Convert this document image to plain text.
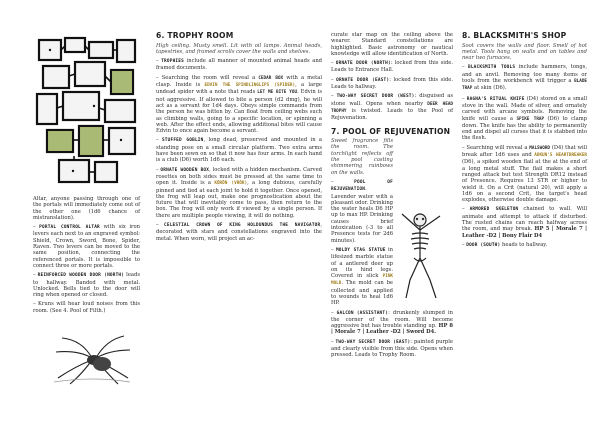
Altar, anyone passing through one of the portals will immediately come out of the other one (1d6 chance of mistranslation).

– PORTAL CONTROL ALTAR with six iron levers each next to an engraved symbol: Shield, Crown, Sword, Bone, Spider, Raven. Two levers can be moved to the same position, connecting the referenced portals. It is impossible to connect three or more portals.

– REINFORCED WOODEN DOOR (NORTH) leads to hallway. Banded with metal. Unlocked. Bells tied to the door will ring when opened or closed.

– Kruns will hear loud noises from this room. (See 4. Pool of Filth.)

6. TROPHY ROOM

High ceiling. Musty smell. Lit with oil lamps. Animal heads, tapestries, and framed scrolls cover the walls and shelves.

– TROPHIES include all manner of mounted animal heads and framed documents.

– Searching the room will reveal a CEDAR BOX with a metal clasp. Inside is EDVIN THE SPINDLINGLIPS (SPIDER), a large undead spider with a note that reads LET ME BITE YOU. Edvin is not aggressive. If allowed to bite a person (d2 dmg), he will act as a servant for 1d4 days. Obeys simple commands from the person he was bitten by. Can float from ceiling webs such as climbing walls, going to a specific location, or spinning a web. After the effect ends, allowing additional bites will cause Edvin to once again become a servant.

– STUFFED GOBLIN, long dead, preserved and mounted in a standing pose on a small circular platform. Two extra arms have been sewn on so that it now has four arms. In each hand is a club (D6) worth 1d6 each.

– ORNATE WOODEN BOX, locked with a hidden mechanism. Carved rosettes on both sides must be pressed at the same time to open it. Inside is a KÖRÖN (VRÖK), a long dubious, carefully pinned and tied at each joint to hold it together. Once opened, the frog will leap out, make one prognostication about the future that will inevitably come to pass, then return to the box. The frog will only work if viewed by a single person. If there are multiple people viewing, it will do nothing.

– CELESTIAL CROWN OF KING HOLDUNDUS THE NAVIGATOR, decorated with stars and constellations engraved into the metal. When worn, will project an ac-

curate star map on the ceiling above the wearer. Standard constellations are highlighted. Basic astronomy or nautical knowledge will allow identification of North.

– ORNATE DOOR (NORTH): locked from this side. Leads to Entrance Hall.

– ORNATE DOOR (EAST): locked from this side. Leads to hallway.

– TWO-WAY SECRET DOOR (WEST): disguised as stone wall. Opens when nearby DEER HEAD TROPHY is twisted. Leads to the Pool of Rejuvenation.

7. POOL OF REJUVENATION

Sweet fragrance fills the room. The torchlight reflects off the pool casting shimmering rainbows on the walls.

– POOL OF REJUVENATION. Lavender water with a pleasant odor. Drinking the water heals D6 HP up to max HP. Drinking causes brief intoxication (-3 to all Presence tests for 2d6 minutes).

– MOLDY STAG STATUE in lifesized marble statue of a antlered deer up on its hind legs. Covered in slick PINK MOLD. The mold can be collected and applied to wounds to heal 1d6 HP.

– GALCON (ASSISTANT): drunkenly slumped in the corner of the room. Will become aggressive but has trouble standing up. HP 8 | Morale 7 | Leather -D2 | Sword D4.

– TWO-WAY SECRET DOOR (EAST): painted purple and clearly visible from this side. Opens when pressed. Leads to Trophy Room.

8. BLACKSMITH'S SHOP

Soot covers the walls and floor. Smell of hot metal. Tools hang on walls and on tables and near two furnaces.

– BLACKSMITH TOOLS include hammers, tongs, and an anvil. Removing too many items or tools from the workbench will trigger a BLADE TRAP at skin (D6).

– RAGNA'S RITUAL KNIFE (D4) stored on a small stove in the wall. Made of silver, and ornately carved with arcane symbols. Removing the knife will cause a SPIKE TRAP (D6) to clamp down. The knife has the ability to permanently end and dispel all curses that it is stabbed into the flesh.

– Searching will reveal a MALSWORD (D4) that will break after 1d6 uses and ADKUN'S HEARTBREAKER (D6), a spiked wooden flail at the at the end of a long metal stuff. The flail makes a short ranged attack but test Strength DR12 instead of Presence. Requires 13 STR or higher to wield it. On a Crit (natural 20), will apply a 1d6 on a second Crit, the target's head explodes, otherwise double damage.

– ARMORED SKELETON chained to wall. Will animate and attempt to attack if disturbed. The rusted chains can reach halfway across the room, and may break. HP 5 | Morale 7 | Leather -D2 | Bony Flair D4

– DOOR (SOUTH) heads to hallway.
